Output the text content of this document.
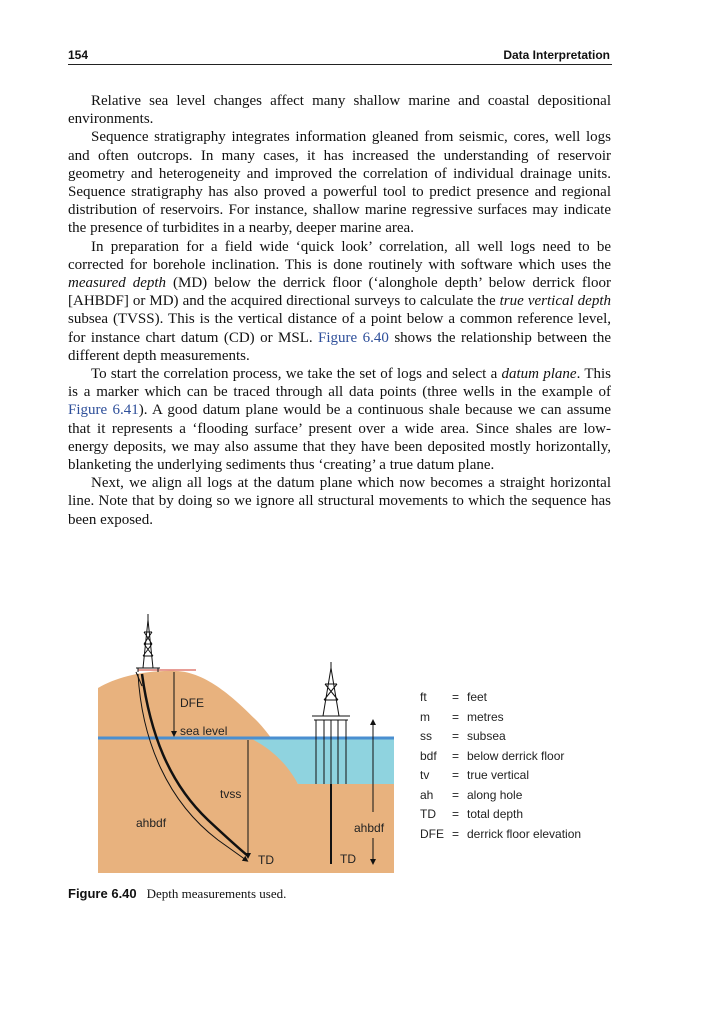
154	Data Interpretation

Relative sea level changes affect many shallow marine and coastal depositional environments.

Sequence stratigraphy integrates information gleaned from seismic, cores, well logs and often outcrops. In many cases, it has increased the understanding of reservoir geometry and heterogeneity and improved the correlation of individual drainage units. Sequence stratigraphy has also proved a powerful tool to predict presence and regional distribution of reservoirs. For instance, shallow marine regressive surfaces may indicate the presence of turbidites in a nearby, deeper marine area.

In preparation for a field wide ‘quick look’ correlation, all well logs need to be corrected for borehole inclination. This is done routinely with software which uses the measured depth (MD) below the derrick floor (‘alonghole depth’ below derrick floor [AHBDF] or MD) and the acquired directional surveys to calculate the true vertical depth subsea (TVSS). This is the vertical distance of a point below a common reference level, for instance chart datum (CD) or MSL. Figure 6.40 shows the relationship between the different depth measurements.

To start the correlation process, we take the set of logs and select a datum plane. This is a marker which can be traced through all data points (three wells in the example of Figure 6.41). A good datum plane would be a continuous shale because we can assume that it represents a ‘flooding surface’ present over a wide area. Since shales are low-energy deposits, we may also assume that they have been deposited mostly horizontally, blanketing the underlying sediments thus ‘creating’ a true datum plane.

Next, we align all logs at the datum plane which now becomes a straight horizontal line. Note that by doing so we ignore all structural movements to which the sequence has been exposed.

DFE
sea level
tvss
ahbdf	ahbdf
TD	TD
ft = feet
m = metres
ss = subsea
bdf = below derrick floor
tv = true vertical
ah = along hole
TD = total depth
DFE = derrick floor elevation
Figure 6.40 Depth measurements used.
